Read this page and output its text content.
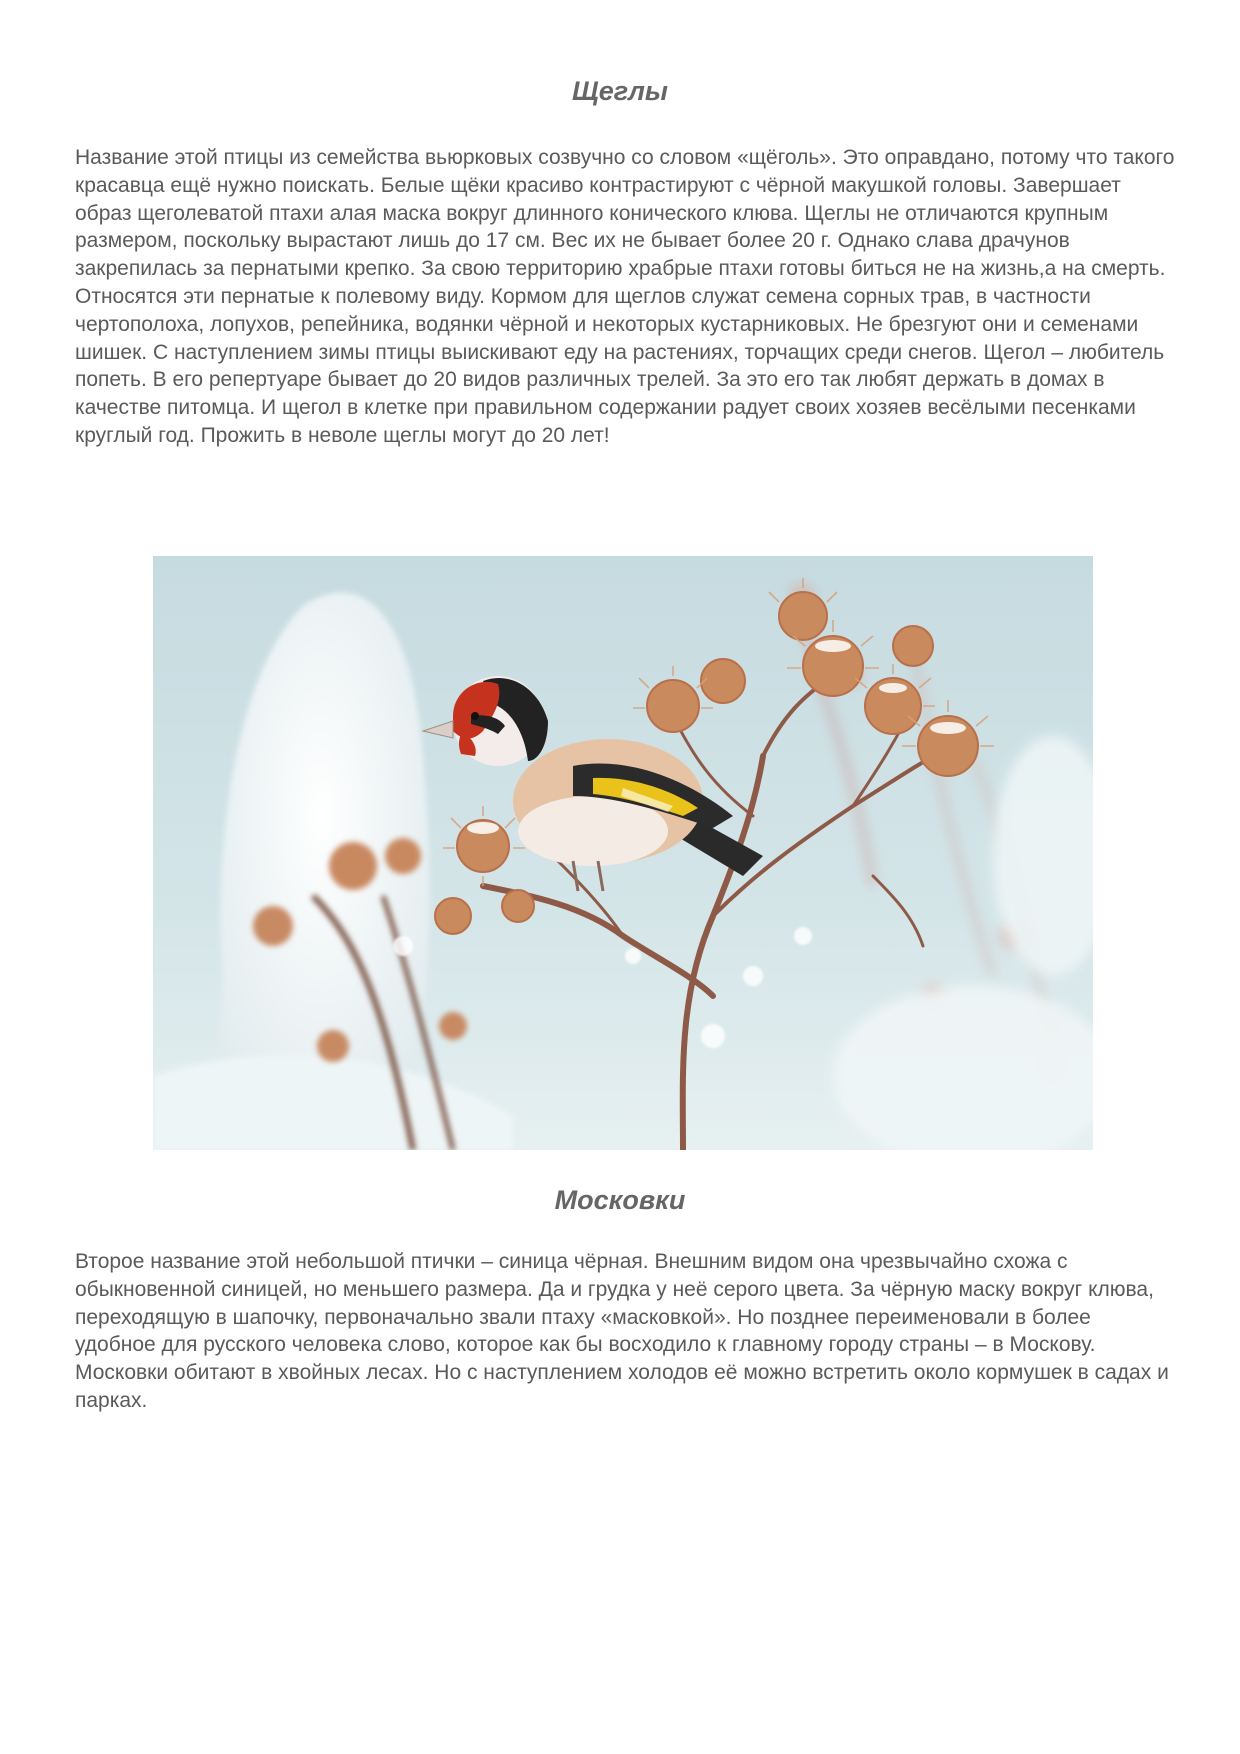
Щеглы

Название этой птицы из семейства вьюрковых созвучно со словом «щёголь». Это оправдано, потому что такого красавца ещё нужно поискать. Белые щёки красиво контрастируют с чёрной макушкой головы. Завершает образ щеголеватой птахи алая маска вокруг длинного конического клюва. Щеглы не отличаются крупным размером, поскольку вырастают лишь до 17 см. Вес их не бывает более 20 г. Однако слава драчунов закрепилась за пернатыми крепко. За свою территорию храбрые птахи готовы биться не на жизнь,а на смерть.

Относятся эти пернатые к полевому виду. Кормом для щеглов служат семена сорных трав, в частности чертополоха, лопухов, репейника, водянки чёрной и некоторых кустарниковых. Не брезгуют они и семенами шишек. С наступлением зимы птицы выискивают еду на растениях, торчащих среди снегов. Щегол – любитель попеть. В его репертуаре бывает до 20 видов различных трелей. За это его так любят держать в домах в качестве питомца. И щегол в клетке при правильном содержании радует своих хозяев весёлыми песенками круглый год. Прожить в неволе щеглы могут до 20 лет!

Московки

Второе название этой небольшой птички – синица чёрная. Внешним видом она чрезвычайно схожа с обыкновенной синицей, но меньшего размера. Да и грудка у неё серого цвета. За чёрную маску вокруг клюва, переходящую в шапочку, первоначально звали птаху «масковкой». Но позднее переименовали в более удобное для русского человека слово, которое как бы восходило к главному городу страны – в Москову. Московки обитают в хвойных лесах. Но с наступлением холодов её можно встретить около кормушек в садах и парках.
